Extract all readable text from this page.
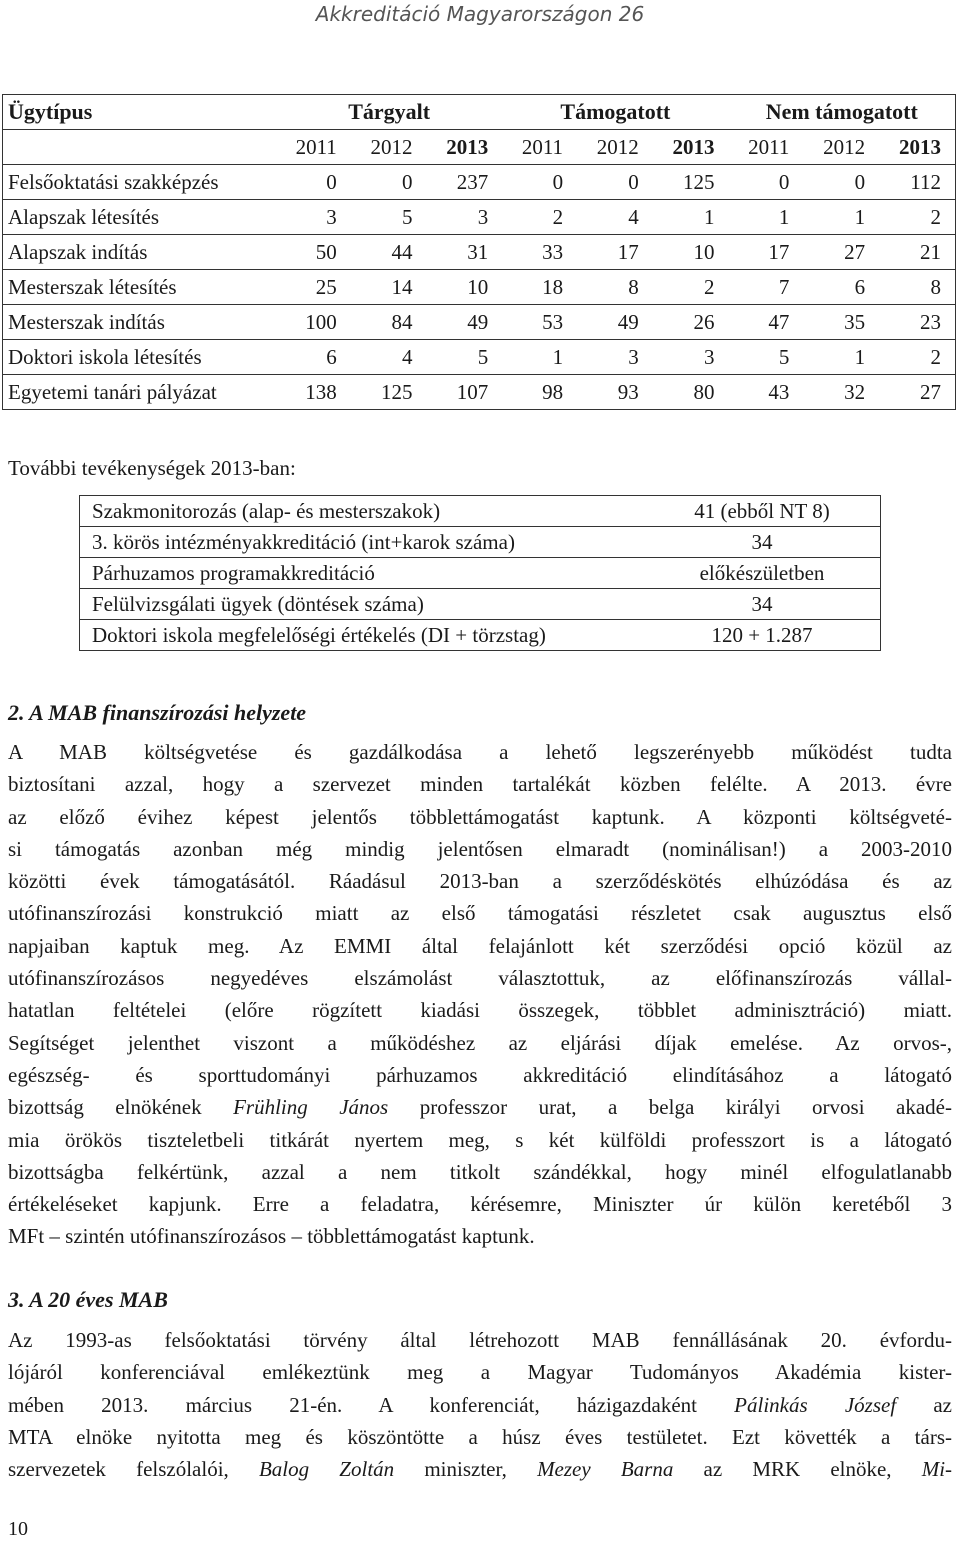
Akkreditáció Magyarországon 26
Ügytípus	Tárgyalt			Támogatott			Nem támogatott		
	2011	2012	2013	2011	2012	2013	2011	2012	2013
Felsőoktatási szakképzés	0	0	237	0	0	125	0	0	112
Alapszak létesítés	3	5	3	2	4	1	1	1	2
Alapszak indítás	50	44	31	33	17	10	17	27	21
Mesterszak létesítés	25	14	10	18	8	2	7	6	8
Mesterszak indítás	100	84	49	53	49	26	47	35	23
Doktori iskola létesítés	6	4	5	1	3	3	5	1	2
Egyetemi tanári pályázat	138	125	107	98	93	80	43	32	27
További tevékenységek 2013-ban:
Szakmonitorozás (alap- és mesterszakok)	41 (ebből NT 8)
3. körös intézményakkreditáció (int+karok száma)	34
Párhuzamos programakkreditáció	előkészületben
Felülvizsgálati ügyek (döntések száma)	34
Doktori iskola megfelelőségi értékelés (DI + törzstag)	120 + 1.287
2. A MAB finanszírozási helyzete
A MAB költségvetése és gazdálkodása a lehető legszerényebb működést tudta
biztosítani azzal, hogy a szervezet minden tartalékát közben felélte. A 2013. évre
az előző évihez képest jelentős többlettámogatást kaptunk. A központi költségveté-
si támogatás azonban még mindig jelentősen elmaradt (nominálisan!) a 2003-2010
közötti évek támogatásától. Ráadásul 2013-ban a szerződéskötés elhúzódása és az
utófinanszírozási konstrukció miatt az első támogatási részletet csak augusztus első
napjaiban kaptuk meg. Az EMMI által felajánlott két szerződési opció közül az
utófinanszírozásos negyedéves elszámolást választottuk, az előfinanszírozás vállal-
hatatlan feltételei (előre rögzített kiadási összegek, többlet adminisztráció) miatt.
Segítséget jelenthet viszont a működéshez az eljárási díjak emelése. Az orvos-,
egészség- és sporttudományi párhuzamos akkreditáció elindításához a látogató
bizottság elnökének Frühling János professzor urat, a belga királyi orvosi akadé-
mia örökös tiszteletbeli titkárát nyertem meg, s két külföldi professzort is a látogató
bizottságba felkértünk, azzal a nem titkolt szándékkal, hogy minél elfogulatlanabb
értékeléseket kapjunk. Erre a feladatra, kérésemre, Miniszter úr külön keretéből 3
MFt – szintén utófinanszírozásos – többlettámogatást kaptunk.
3. A 20 éves MAB
Az 1993-as felsőoktatási törvény által létrehozott MAB fennállásának 20. évfordu-
lójáról konferenciával emlékeztünk meg a Magyar Tudományos Akadémia kister-
mében 2013. március 21-én. A konferenciát, házigazdaként Pálinkás József az
MTA elnöke nyitotta meg és köszöntötte a húsz éves testületet. Ezt követték a társ-
szervezetek felszólalói, Balog Zoltán miniszter, Mezey Barna az MRK elnöke, Mi-
10
